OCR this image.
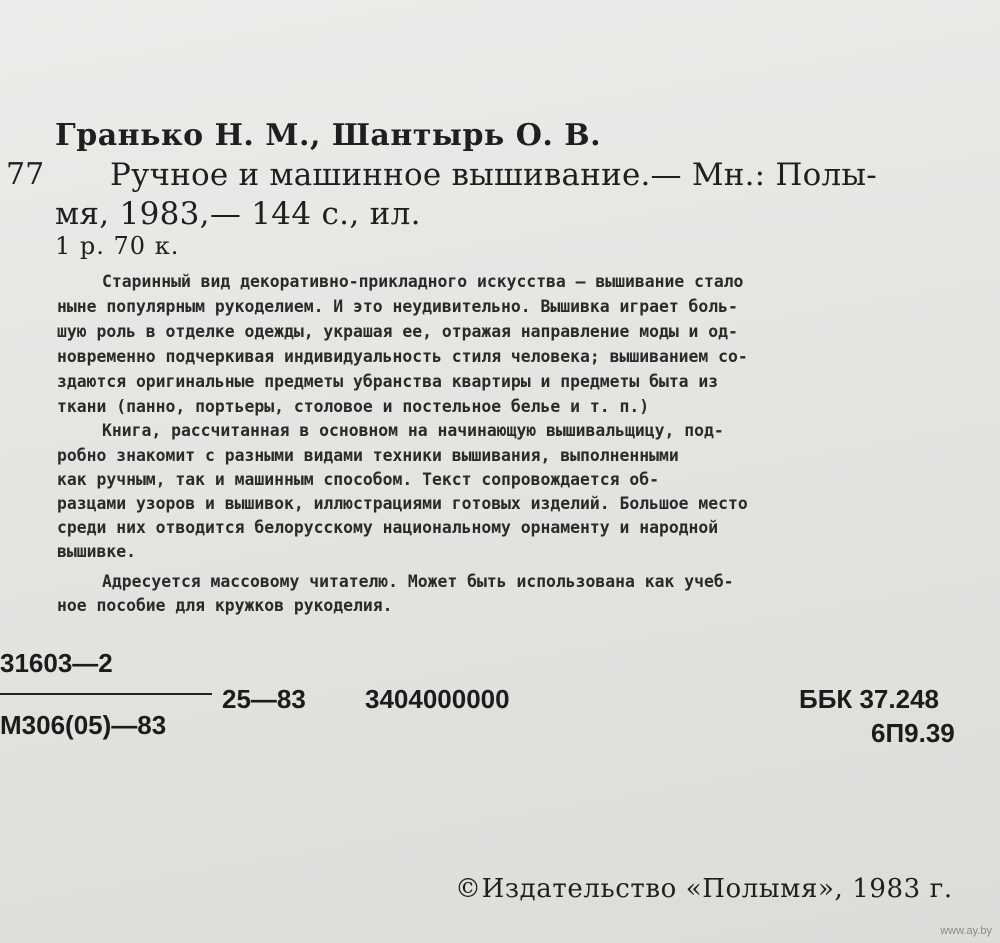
Гранько Н. М., Шантырь О. В.
77 Ручное и машинное вышивание.— Мн.: Полы-
мя, 1983,— 144 с., ил.
1 р. 70 к.
Старинный вид декоративно-прикладного искусства — вышивание стало
ныне популярным рукоделием. И это неудивительно. Вышивка играет боль-
шую роль в отделке одежды, украшая ее, отражая направление моды и од-
новременно подчеркивая индивидуальность стиля человека; вышиванием со-
здаются оригинальные предметы убранства квартиры и предметы быта из
ткани (панно, портьеры, столовое и постельное белье и т. п.)
Книга, рассчитанная в основном на начинающую вышивальщицу, под-
робно знакомит с разными видами техники вышивания, выполненными
как ручным, так и машинным способом. Текст сопровождается об-
разцами узоров и вышивок, иллюстрациями готовых изделий. Большое место
среди них отводится белорусскому национальному орнаменту и народной
вышивке.
Адресуется массовому читателю. Может быть использована как учеб-
ное пособие для кружков рукоделия.
31603—2
25—83 3404000000
М306(05)—83
ББК 37.248
6П9.39
©Издательство «Полымя», 1983 г.
www.ay.by
